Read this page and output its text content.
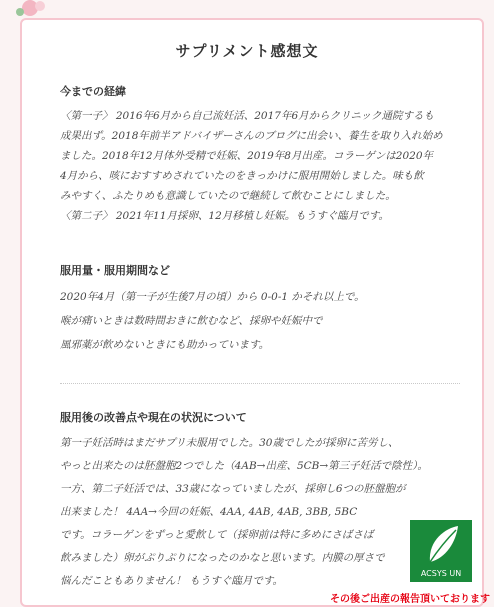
サプリメント感想文
今までの経緯
〈第一子〉 2016年6月から自己流妊活、2017年6月からクリニック通院するも
成果出ず。2018年前半アドバイザーさんのブログに出会い、養生を取り入れ始め
ました。2018年12月体外受精で妊娠、2019年8月出産。コラーゲンは2020年
4月から、咳におすすめされていたのをきっかけに服用開始しました。味も飲
みやすく、ふたりめも意識していたので継続して飲むことにしました。
〈第二子〉 2021年11月採卵、12月移植し妊娠。もうすぐ臨月です。
服用量・服用期間など
2020年4月（第一子が生後7月の頃）から 0-0-1 かそれ以上で。
喉が痛いときは数時間おきに飲むなど、採卵や妊娠中で
風邪薬が飲めないときにも助かっています。
服用後の改善点や現在の状況について
第一子妊活時はまだサプリ未服用でした。30歳でしたが採卵に苦労し、
やっと出来たのは胚盤胞2つでした（4AB→出産、5CB→第三子妊活で陰性）。
一方、第二子妊活では、33歳になっていましたが、採卵し6つの胚盤胞が
出来ました！ 4AA→今回の妊娠、4AA, 4AB, 4AB, 3BB, 5BC
です。コラーゲンをずっと愛飲して（採卵前は特に多めにさばさば
飲みました）卵がぷりぷりになったのかなと思います。内膜の厚さで
悩んだこともありません！ もうすぐ臨月です。
ACSYS UN
その後ご出産の報告頂いております
